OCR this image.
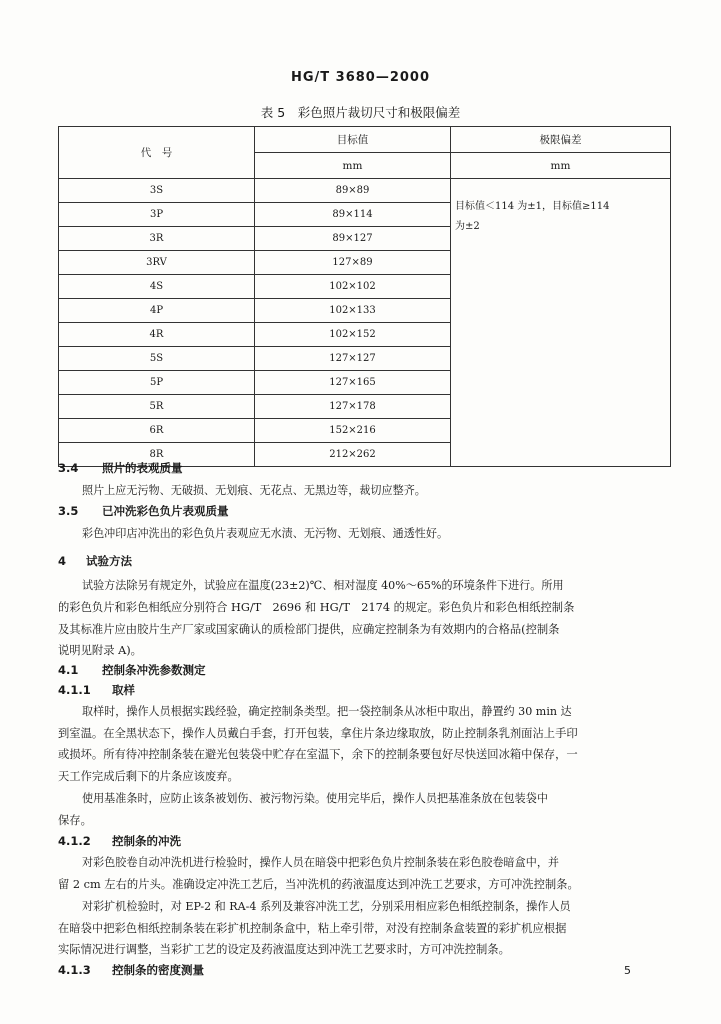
HG/T 3680—2000
表 5　彩色照片裁切尺寸和极限偏差
代　号	目标值	极限偏差
	mm	mm
3S	89×89	目标值＜114 为±1，目标值≥114
为±2

3P	89×114	
3R	89×127	
3RV	127×89	
4S	102×102	
4P	102×133	
4R	102×152	
5S	127×127	
5P	127×165	
5R	127×178	
6R	152×216	
8R	212×262	
3.4 照片的表观质量
照片上应无污物、无破损、无划痕、无花点、无黑边等，裁切应整齐。
3.5 已冲洗彩色负片表观质量
彩色冲印店冲洗出的彩色负片表观应无水渍、无污物、无划痕、通透性好。
4 试验方法
试验方法除另有规定外，试验应在温度(23±2)℃、相对湿度 40%～65%的环境条件下进行。所用
的彩色负片和彩色相纸应分别符合 HG/T　2696 和 HG/T　2174 的规定。彩色负片和彩色相纸控制条
及其标准片应由胶片生产厂家或国家确认的质检部门提供，应确定控制条为有效期内的合格品(控制条
说明见附录 A)。
4.1 控制条冲洗参数测定
4.1.1 取样
取样时，操作人员根据实践经验，确定控制条类型。把一袋控制条从冰柜中取出，静置约 30 min 达
到室温。在全黑状态下，操作人员戴白手套，打开包装，拿住片条边缘取放，防止控制条乳剂面沾上手印
或损坏。所有待冲控制条装在避光包装袋中贮存在室温下，余下的控制条要包好尽快送回冰箱中保存，一
天工作完成后剩下的片条应该废弃。
使用基准条时，应防止该条被划伤、被污物污染。使用完毕后，操作人员把基准条放在包装袋中
保存。
4.1.2 控制条的冲洗
对彩色胶卷自动冲洗机进行检验时，操作人员在暗袋中把彩色负片控制条装在彩色胶卷暗盒中，并
留 2 cm 左右的片头。准确设定冲洗工艺后，当冲洗机的药液温度达到冲洗工艺要求，方可冲洗控制条。
对彩扩机检验时，对 EP-2 和 RA-4 系列及兼容冲洗工艺，分别采用相应彩色相纸控制条，操作人员
在暗袋中把彩色相纸控制条装在彩扩机控制条盒中，粘上牵引带，对没有控制条盒装置的彩扩机应根据
实际情况进行调整，当彩扩工艺的设定及药液温度达到冲洗工艺要求时，方可冲洗控制条。
4.1.3 控制条的密度测量	5
